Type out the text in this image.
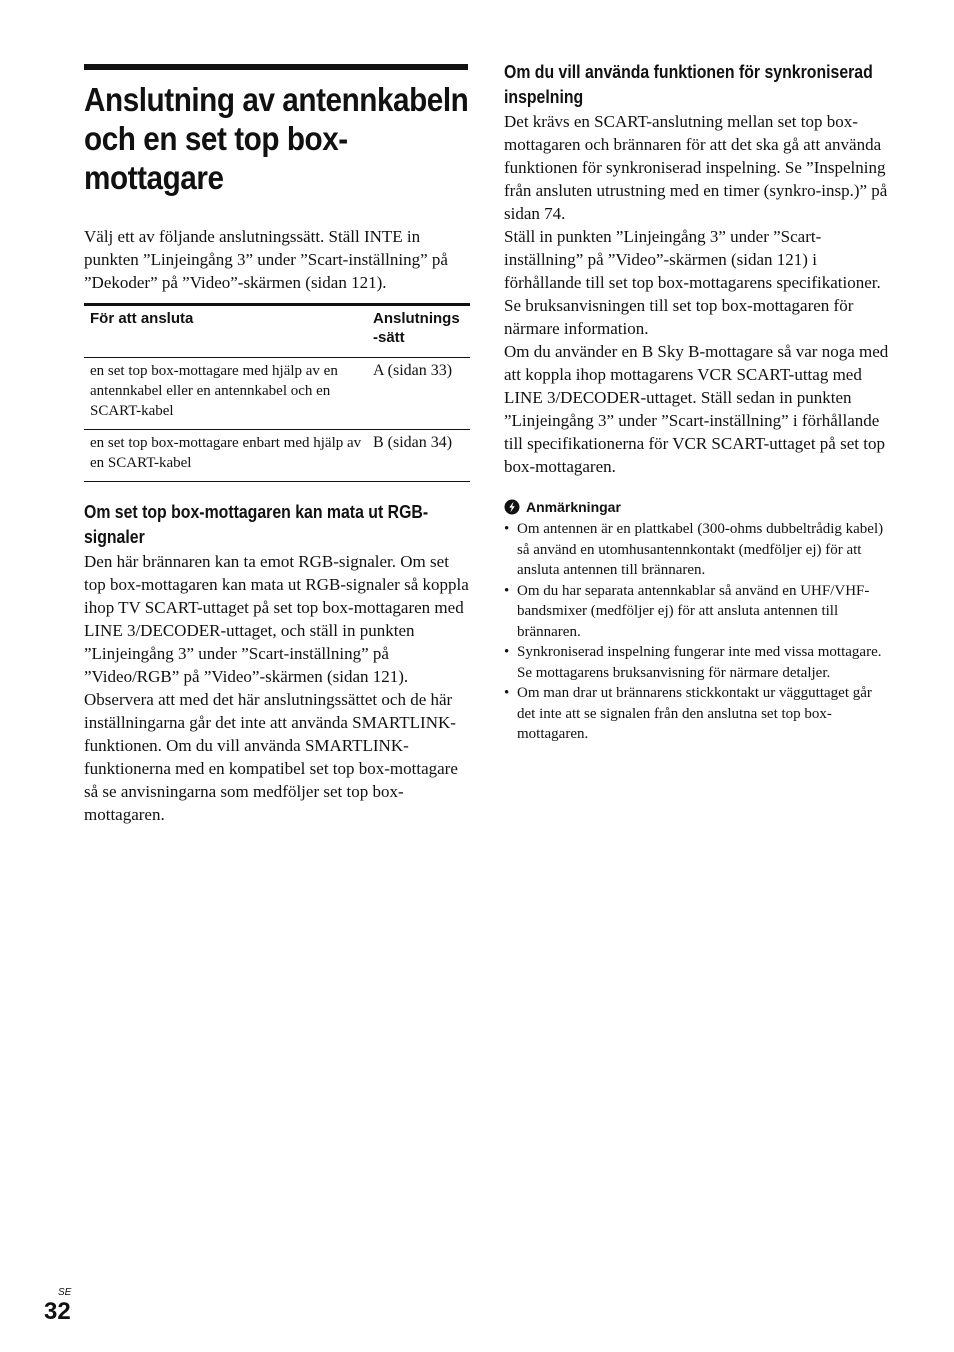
Anslutning av antennkabeln och en set top box-mottagare

Välj ett av följande anslutningssätt. Ställ INTE in punkten ”Linjeingång 3” under ”Scart-inställning” på ”Dekoder” på ”Video”-skärmen (sidan 121).

För att ansluta	Anslutnings
-sätt
en set top box-mottagare med hjälp av en antennkabel eller en antennkabel och en SCART-kabel	A (sidan 33)
en set top box-mottagare enbart med hjälp av en SCART-kabel	B (sidan 34)
Om set top box-mottagaren kan mata ut RGB-signaler

Den här brännaren kan ta emot RGB-signaler. Om set top box-mottagaren kan mata ut RGB-signaler så koppla ihop TV SCART-uttaget på set top box-mottagaren med LINE 3/DECODER-uttaget, och ställ in punkten ”Linjeingång 3” under ”Scart-inställning” på ”Video/RGB” på ”Video”-skärmen (sidan 121). Observera att med det här anslutningssättet och de här inställningarna går det inte att använda SMARTLINK-funktionen. Om du vill använda SMARTLINK-funktionerna med en kompatibel set top box-mottagare så se anvisningarna som medföljer set top box-mottagaren.

Om du vill använda funktionen för synkroniserad inspelning

Det krävs en SCART-anslutning mellan set top box-mottagaren och brännaren för att det ska gå att använda funktionen för synkroniserad inspelning. Se ”Inspelning från ansluten utrustning med en timer (synkro-insp.)” på sidan 74.

Ställ in punkten ”Linjeingång 3” under ”Scart-inställning” på ”Video”-skärmen (sidan 121) i förhållande till set top box-mottagarens specifikationer. Se bruksanvisningen till set top box-mottagaren för närmare information.

Om du använder en B Sky B-mottagare så var noga med att koppla ihop mottagarens VCR SCART-uttag med LINE 3/DECODER-uttaget. Ställ sedan in punkten ”Linjeingång 3” under ”Scart-inställning” i förhållande till specifikationerna för VCR SCART-uttaget på set top box-mottagaren.

Anmärkningar
• Om antennen är en plattkabel (300-ohms dubbeltrådig kabel) så använd en utomhusantennkontakt (medföljer ej) för att ansluta antennen till brännaren.
• Om du har separata antennkablar så använd en UHF/VHF-bandsmixer (medföljer ej) för att ansluta antennen till brännaren.
• Synkroniserad inspelning fungerar inte med vissa mottagare. Se mottagarens bruksanvisning för närmare detaljer.
• Om man drar ut brännarens stickkontakt ur vägguttaget går det inte att se signalen från den anslutna set top box-mottagaren.
SE
32
